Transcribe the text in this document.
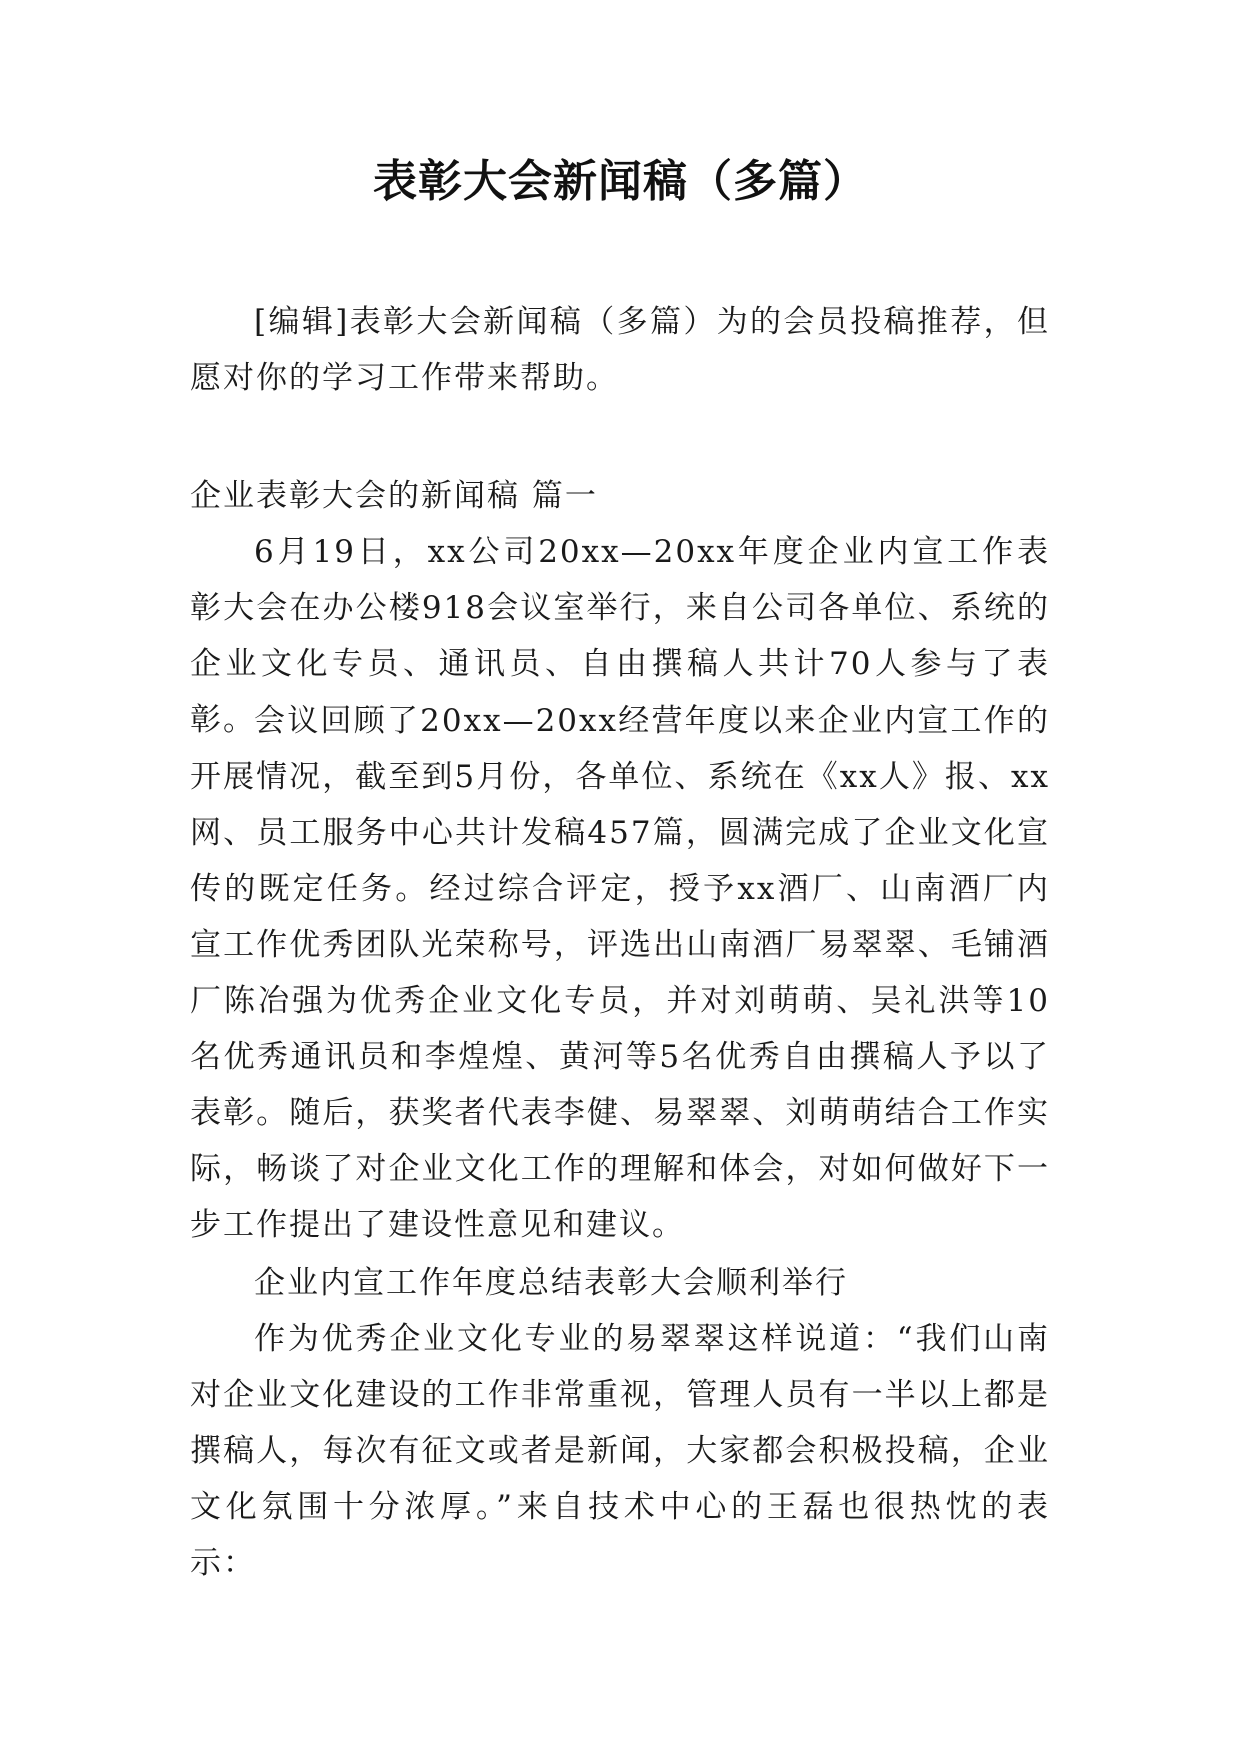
表彰大会新闻稿（多篇）

[编辑]表彰大会新闻稿（多篇）为的会员投稿推荐，但愿对你的学习工作带来帮助。

企业表彰大会的新闻稿 篇一

6月19日，xx公司20xx—20xx年度企业内宣工作表彰大会在办公楼918会议室举行，来自公司各单位、系统的企业文化专员、通讯员、自由撰稿人共计70人参与了表彰。

会议回顾了20xx—20xx经营年度以来企业内宣工作的开展情况，截至到5月份，各单位、系统在《xx人》报、xx网、员工服务中心共计发稿457篇，圆满完成了企业文化宣传的既定任务。经过综合评定，授予xx酒厂、山南酒厂内宣工作优秀团队光荣称号，评选出山南酒厂易翠翠、毛铺酒厂陈冶强为优秀企业文化专员，并对刘萌萌、吴礼洪等10名优秀通讯员和李煌煌、黄河等5名优秀自由撰稿人予以了表彰。随后，获奖者代表李健、易翠翠、刘萌萌结合工作实际，畅谈了对企业文化工作的理解和体会，对如何做好下一步工作提出了建设性意见和建议。

企业内宣工作年度总结表彰大会顺利举行

作为优秀企业文化专业的易翠翠这样说道：“我们山南对企业文化建设的工作非常重视，管理人员有一半以上都是撰稿人，每次有征文或者是新闻，大家都会积极投稿，企业文化氛围十分浓厚。”来自技术中心的王磊也很热忱的表示：
